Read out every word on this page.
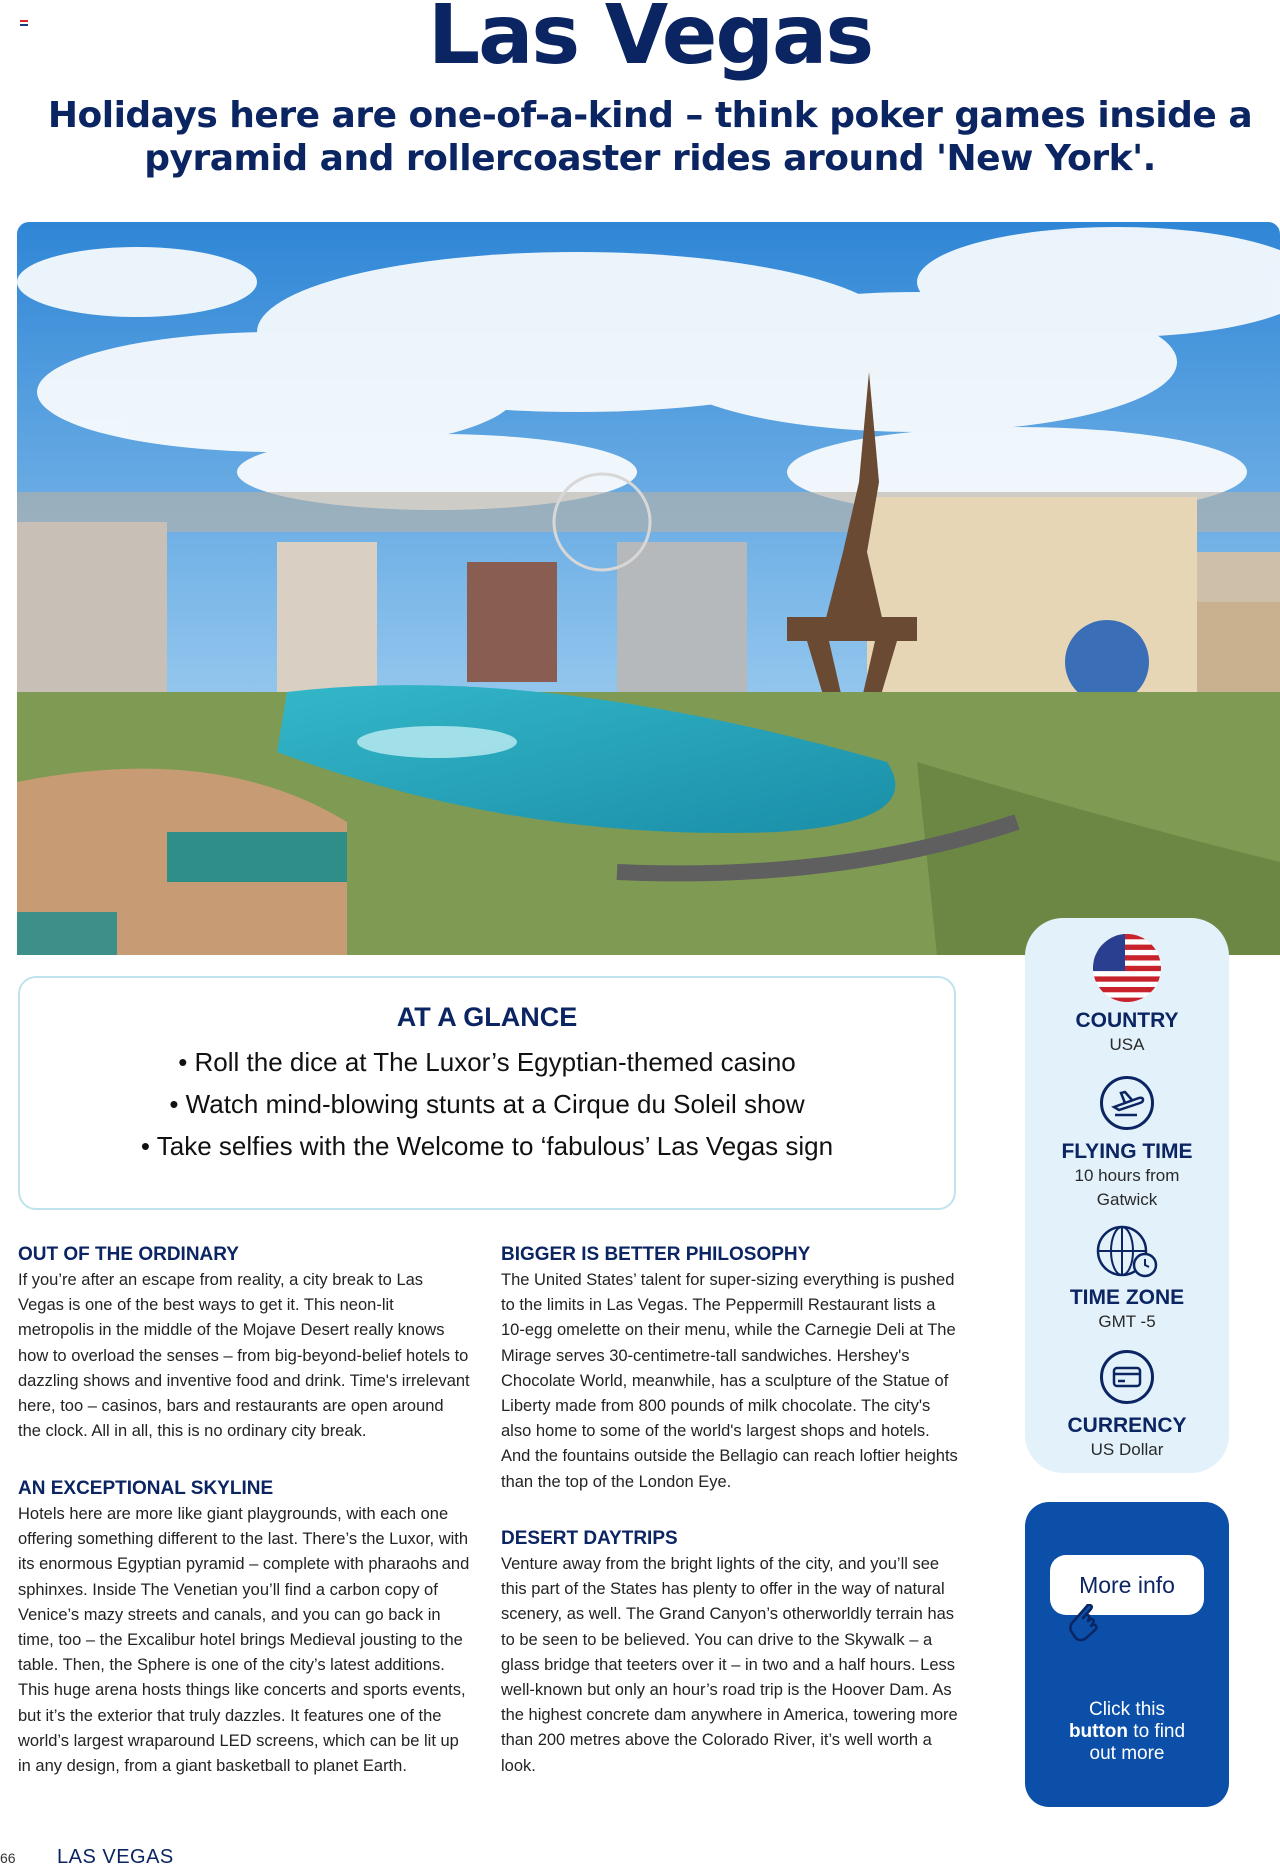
Las Vegas

Holidays here are one-of-a-kind – think poker games inside a pyramid and rollercoaster rides around 'New York'.

AT A GLANCE
• Roll the dice at The Luxor’s Egyptian-themed casino
• Watch mind-blowing stunts at a Cirque du Soleil show
• Take selfies with the Welcome to ‘fabulous’ Las Vegas sign
COUNTRY
USA
FLYING TIME
10 hours from
Gatwick
TIME ZONE
GMT -5
CURRENCY
US Dollar
OUT OF THE ORDINARY

If you’re after an escape from reality, a city break to Las Vegas is one of the best ways to get it. This neon-lit metropolis in the middle of the Mojave Desert really knows how to overload the senses – from big-beyond-belief hotels to dazzling shows and inventive food and drink. Time's irrelevant here, too – casinos, bars and restaurants are open around the clock. All in all, this is no ordinary city break.

AN EXCEPTIONAL SKYLINE

Hotels here are more like giant playgrounds, with each one offering something different to the last. There’s the Luxor, with its enormous Egyptian pyramid – complete with pharaohs and sphinxes. Inside The Venetian you’ll find a carbon copy of Venice’s mazy streets and canals, and you can go back in time, too – the Excalibur hotel brings Medieval jousting to the table. Then, the Sphere is one of the city’s latest additions. This huge arena hosts things like concerts and sports events, but it’s the exterior that truly dazzles. It features one of the world’s largest wraparound LED screens, which can be lit up in any design, from a giant basketball to planet Earth.

BIGGER IS BETTER PHILOSOPHY

The United States’ talent for super-sizing everything is pushed to the limits in Las Vegas. The Peppermill Restaurant lists a 10-egg omelette on their menu, while the Carnegie Deli at The Mirage serves 30-centimetre-tall sandwiches. Hershey's Chocolate World, meanwhile, has a sculpture of the Statue of Liberty made from 800 pounds of milk chocolate. The city's also home to some of the world's largest shops and hotels. And the fountains outside the Bellagio can reach loftier heights than the top of the London Eye.

DESERT DAYTRIPS

Venture away from the bright lights of the city, and you’ll see this part of the States has plenty to offer in the way of natural scenery, as well. The Grand Canyon’s otherworldly terrain has to be seen to be believed. You can drive to the Skywalk – a glass bridge that teeters over it – in two and a half hours. Less well-known but only an hour’s road trip is the Hoover Dam. As the highest concrete dam anywhere in America, towering more than 200 metres above the Colorado River, it’s well worth a look.

More info
Click this
button to find
out more
66 LAS VEGAS
